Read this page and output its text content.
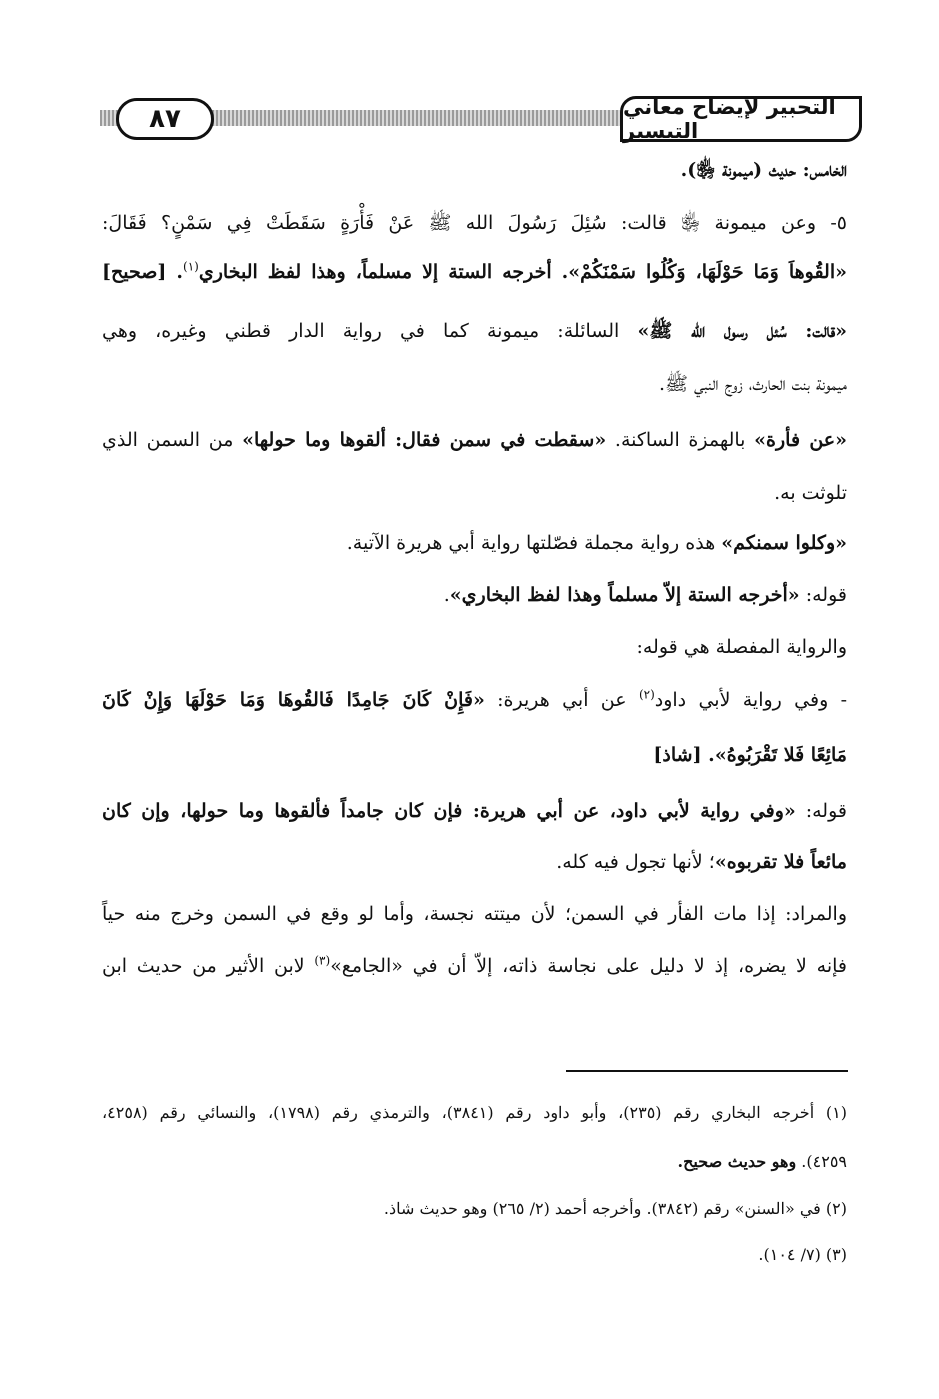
٨٧	التحبير لإيضاح معاني التيسير
الخامس: حديث (ميمونة ﵂).
٥- وعن ميمونة ﵂ قالت: سُئِلَ رَسُولَ الله ﷺ عَنْ فَأْرَةٍ سَقَطَتْ فِي سَمْنٍ؟ فَقَالَ:
«القُوهاَ وَمَا حَوْلَهَا، وَكُلُوا سَمْنَكُمْ». أخرجه الستة إلا مسلماً، وهذا لفظ البخاري$^{(١)}$. [صحيح]
«قالت: سُئل رسول الله ﷺ» السائلة: ميمونة كما في رواية الدار قطني وغيره، وهي
ميمونة بنت الحارث، زوج النبي ﷺ.
«عن فأرة» بالهمزة الساكنة. «سقطت في سمن فقال: ألقوها وما حولها» من السمن الذي
تلوثت به.
«وكلوا سمنكم» هذه رواية مجملة فصّلتها رواية أبي هريرة الآتية.
قوله: «أخرجه الستة إلاّ مسلماً وهذا لفظ البخاري».
والرواية المفصلة هي قوله:
- وفي رواية لأبي داود$^{(٢)}$ عن أبي هريرة: «فَإِنْ كَانَ جَامِدًا فَالقُوهَا وَمَا حَوْلَهَا وَإِنْ كَانَ
مَائِعًا فَلا تَقْرَبُوهُ». [شاذ]
قوله: «وفي رواية لأبي داود، عن أبي هريرة: فإن كان جامداً فألقوها وما حولها، وإن كان
مائعاً فلا تقربوه»؛ لأنها تجول فيه كله.
والمراد: إذا مات الفأر في السمن؛ لأن ميتته نجسة، وأما لو وقع في السمن وخرج منه حياً
فإنه لا يضره، إذ لا دليل على نجاسة ذاته، إلاّ أن في «الجامع»$^{(٣)}$ لابن الأثير من حديث ابن
(١) أخرجه البخاري رقم (٢٣٥)، وأبو داود رقم (٣٨٤١)، والترمذي رقم (١٧٩٨)، والنسائي رقم (٤٢٥٨،
٤٢٥٩). وهو حديث صحيح.
(٢) في «السنن» رقم (٣٨٤٢). وأخرجه أحمد (٢/ ٢٦٥) وهو حديث شاذ.
(٣) (٧/ ١٠٤).
